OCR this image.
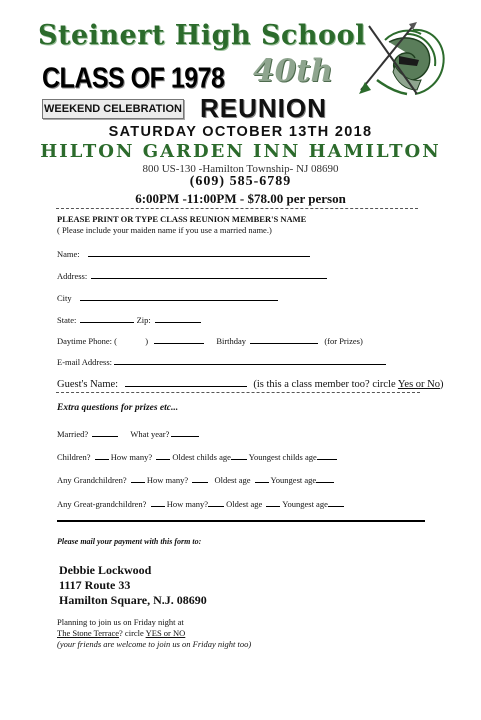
Steinert High School
CLASS OF 1978 40th
WEEKEND CELEBRATION REUNION
SATURDAY OCTOBER 13TH 2018
HILTON GARDEN INN HAMILTON
800 US-130 -Hamilton Township- NJ 08690
(609) 585-6789
6:00PM -11:00PM - $78.00 per person
PLEASE PRINT OR TYPE CLASS REUNION MEMBER'S NAME
( Please include your maiden name if you use a married name.)
Name:
Address:
City
State:	Zip:
Daytime Phone: (	)	Birthday	(for Prizes)
E-mail Address:
Guest's Name:	(is this a class member too? circle Yes or No)
Extra questions for prizes etc...
Married?	What year?
Children? How many? Oldest childs age Youngest childs age
Any Grandchildren? How many?	Oldest age Youngest age
Any Great-grandchildren? How many? Oldest age Youngest age
Please mail your payment with this form to:
Debbie Lockwood
1117 Route 33
Hamilton Square, N.J. 08690
Planning to join us on Friday night at
The Stone Terrace? circle YES or NO
(your friends are welcome to join us on Friday night too)
